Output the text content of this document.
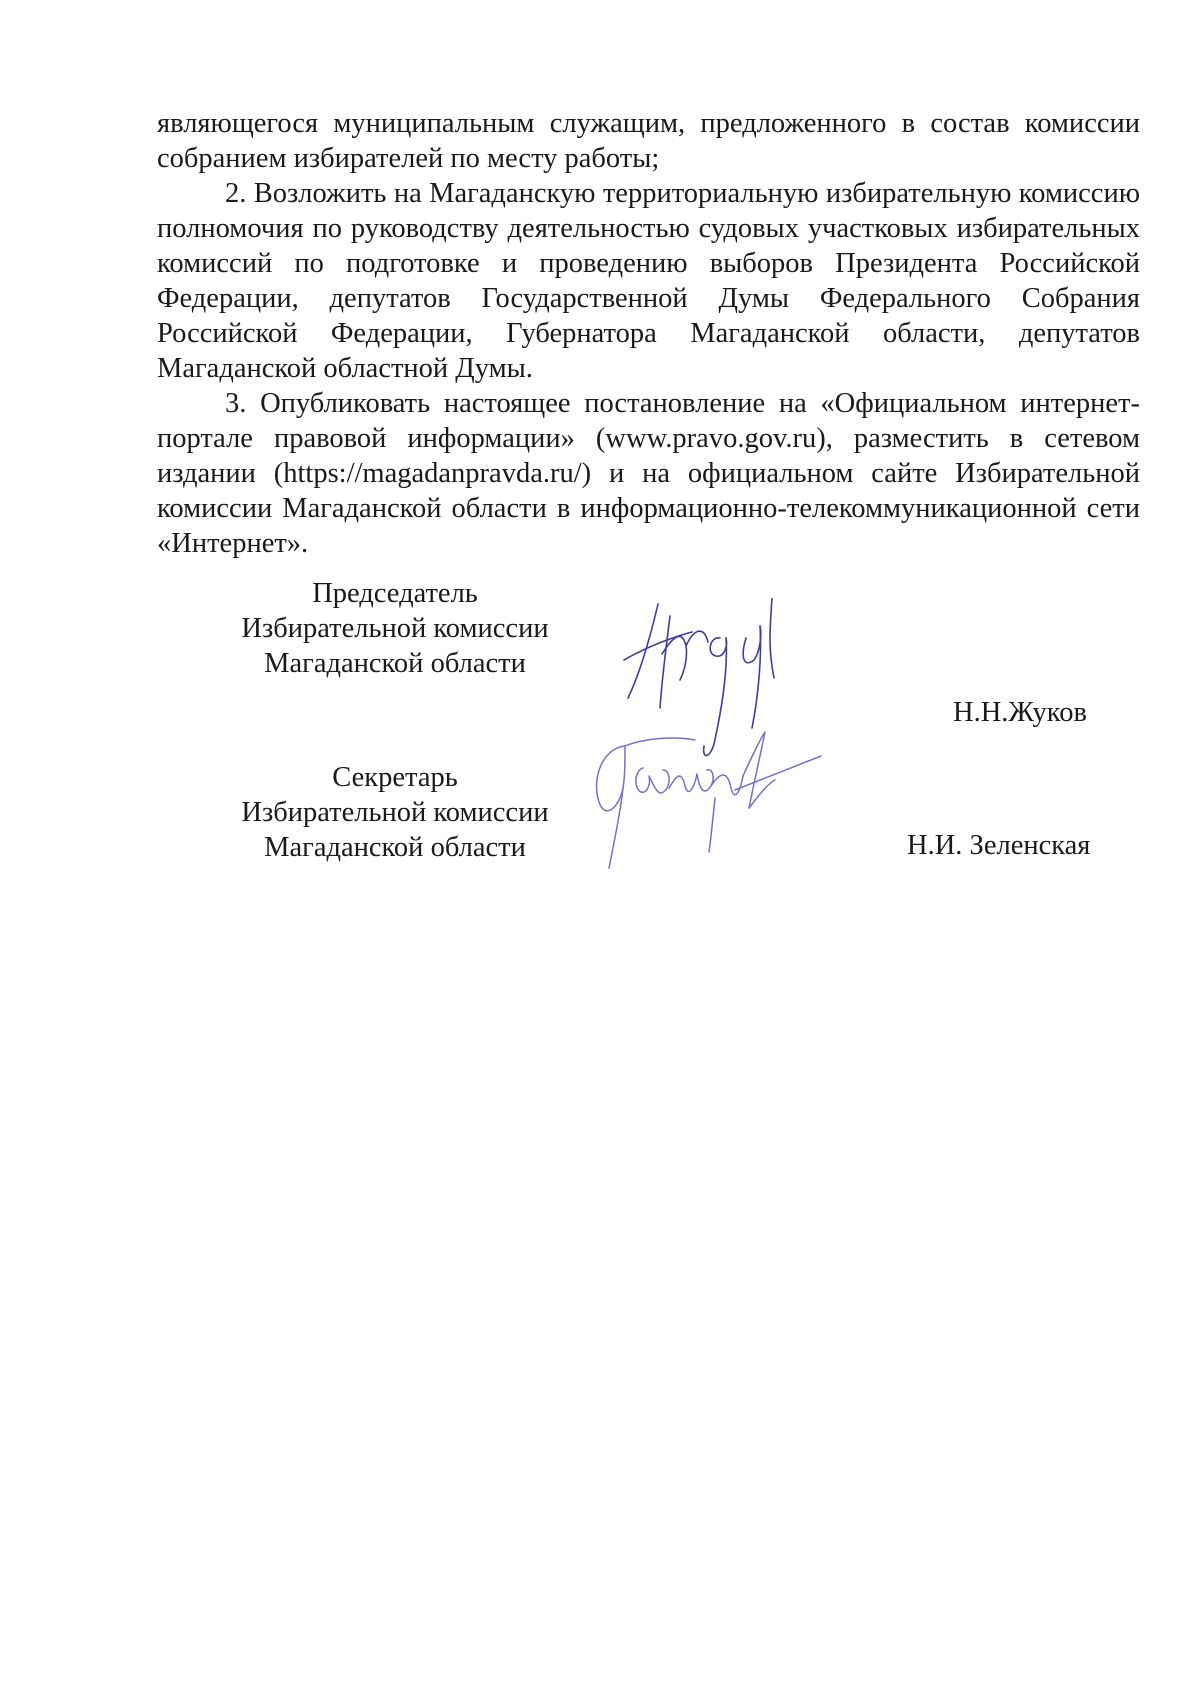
являющегося муниципальным служащим, предложенного в состав комиссии собранием избирателей по месту работы;

2. Возложить на Магаданскую территориальную избирательную комиссию полномочия по руководству деятельностью судовых участковых избирательных комиссий по подготовке и проведению выборов Президента Российской Федерации, депутатов Государственной Думы Федерального Собрания Российской Федерации, Губернатора Магаданской области, депутатов Магаданской областной Думы.

3. Опубликовать настоящее постановление на «Официальном интернет-портале правовой информации» (www.pravo.gov.ru), разместить в сетевом издании (https://magadanpravda.ru/) и на официальном сайте Избирательной комиссии Магаданской области в информационно-телекоммуникационной сети «Интернет».

Председатель
Избирательной комиссии
Магаданской области
Н.Н.Жуков
Секретарь
Избирательной комиссии
Магаданской области	Н.И. Зеленская
